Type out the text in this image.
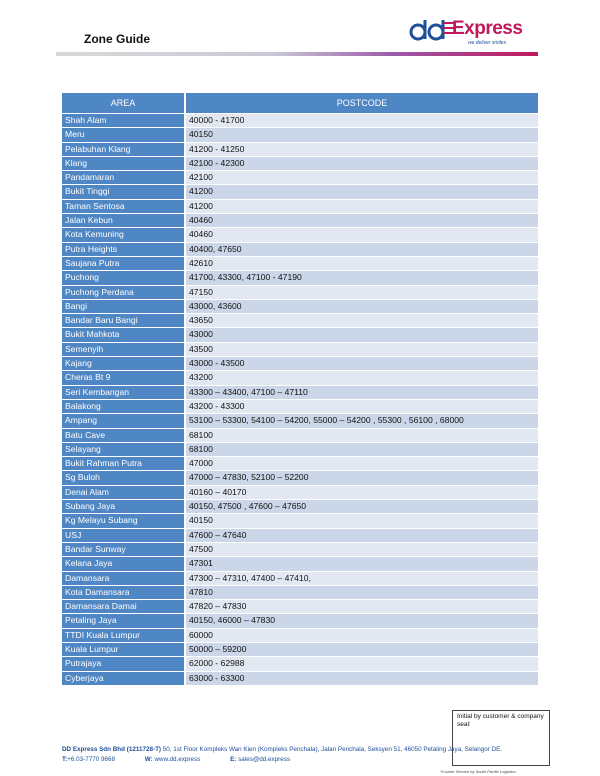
Zone Guide	Express
we deliver smiles
AREA	POSTCODE
Shah Alam	40000 - 41700
Meru	40150
Pelabuhan Klang	41200 - 41250
Klang	42100 - 42300
Pandamaran	42100
Bukit Tinggi	41200
Taman Sentosa	41200
Jalan Kebun	40460
Kota Kemuning	40460
Putra Heights	40400, 47650
Saujana Putra	42610
Puchong	41700, 43300, 47100 - 47190
Puchong Perdana	47150
Bangi	43000, 43600
Bandar Baru Bangi	43650
Bukit Mahkota	43000
Semenyih	43500
Kajang	43000 - 43500
Cheras Bt 9	43200
Seri Kembangan	43300 – 43400, 47100 – 47110
Balakong	43200 - 43300
Ampang	53100 – 53300, 54100 – 54200, 55000 – 54200 , 55300 , 56100 , 68000
Batu Cave	68100
Selayang	68100
Bukit Rahman Putra	47000
Sg Buloh	47000 – 47830, 52100 – 52200
Denai Alam	40160 – 40170
Subang Jaya	40150, 47500 , 47600 – 47650
Kg Melayu Subang	40150
USJ	47600 – 47640
Bandar Sunway	47500
Kelana Jaya	47301
Damansara	47300 – 47310, 47400 – 47410,
Kota Damansara	47810
Damansara Damai	47820 – 47830
Petaling Jaya	40150, 46000 – 47830
TTDI Kuala Lumpur	60000
Kuala Lumpur	50000 – 59200
Putrajaya	62000 - 62988
Cyberjaya	63000 - 63300
Initial by customer & company seal:
DD Express Sdn Bhd (1211728-T) 50, 1st Floor Kompleks Wan Kien (Kompleks Penchala), Jalan Penchala, Seksyen 51, 46050 Petaling Jaya, Selangor DE.
T:+6.03-7770 9668	W: www.dd.express	E: sales@dd.express
*Courier Service by South Pacific Logistics
